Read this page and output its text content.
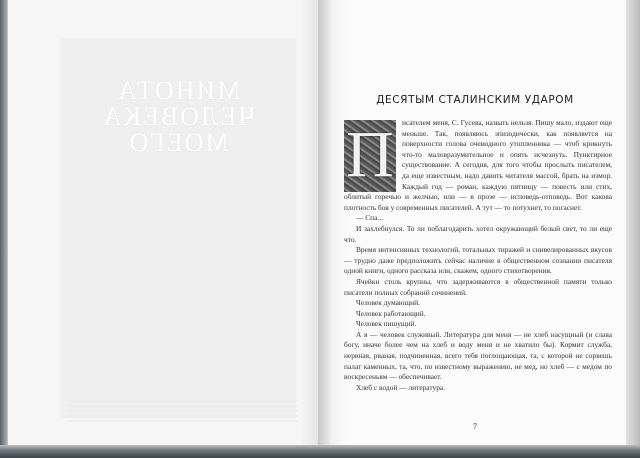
МИНОТА
ЧЕЛОВЕКА
МОЕГО
ДЕСЯТЫМ СТАЛИНСКИМ УДАРОМ
П	исателем меня, С. Гусева, назвать нельзя. Пишу мало, издают еще меньше. Так, появляюсь эпизодически, как появляется на поверхности голова очевидного утопленника — чтоб крикнуть что-то маловразумительное и опять исчезнуть. Пунктирное существование. А сегодня, для того чтобы прослыть писателем, да еще известным, надо давить читателя массой, брать на измор. Каждый год — роман, каждую пятницу — повесть или стих, облитый горечью и желчью, или — в прозе — исповедь-отповедь. Вот какова плотность боя у современных писателей. А тут — то потухнет, то погаснет.

— Спа...

И захлебнулся. То ли поблагодарить хотел окружающий белый свет, то ли еще что.

Время интенсивных технологий, тотальных тиражей и снивелированных вкусов — трудно даже предположить сейчас наличие в общественном сознании писателя одной книги, одного рассказа или, скажем, одного стихотворения.

Ячейки столь крупны, что задерживаются в общественной памяти только писатели полных собраний сочинений.

Человек думающий.

Человек работающий.

Человек пишущий.

А я — человек служивый. Литература для меня — не хлеб насущный (и слава богу, иначе более чем на хлеб и воду меня и не хватило бы). Кормит служба, нервная, рваная, подчиненная, всего тебя поглощающая, та, с которой не сорвешь палат каменных, та, что, по известному выражению, не мед, но хлеб — с медом по воскресеньям — обеспечивает.

Хлеб с водой — литература.

7
